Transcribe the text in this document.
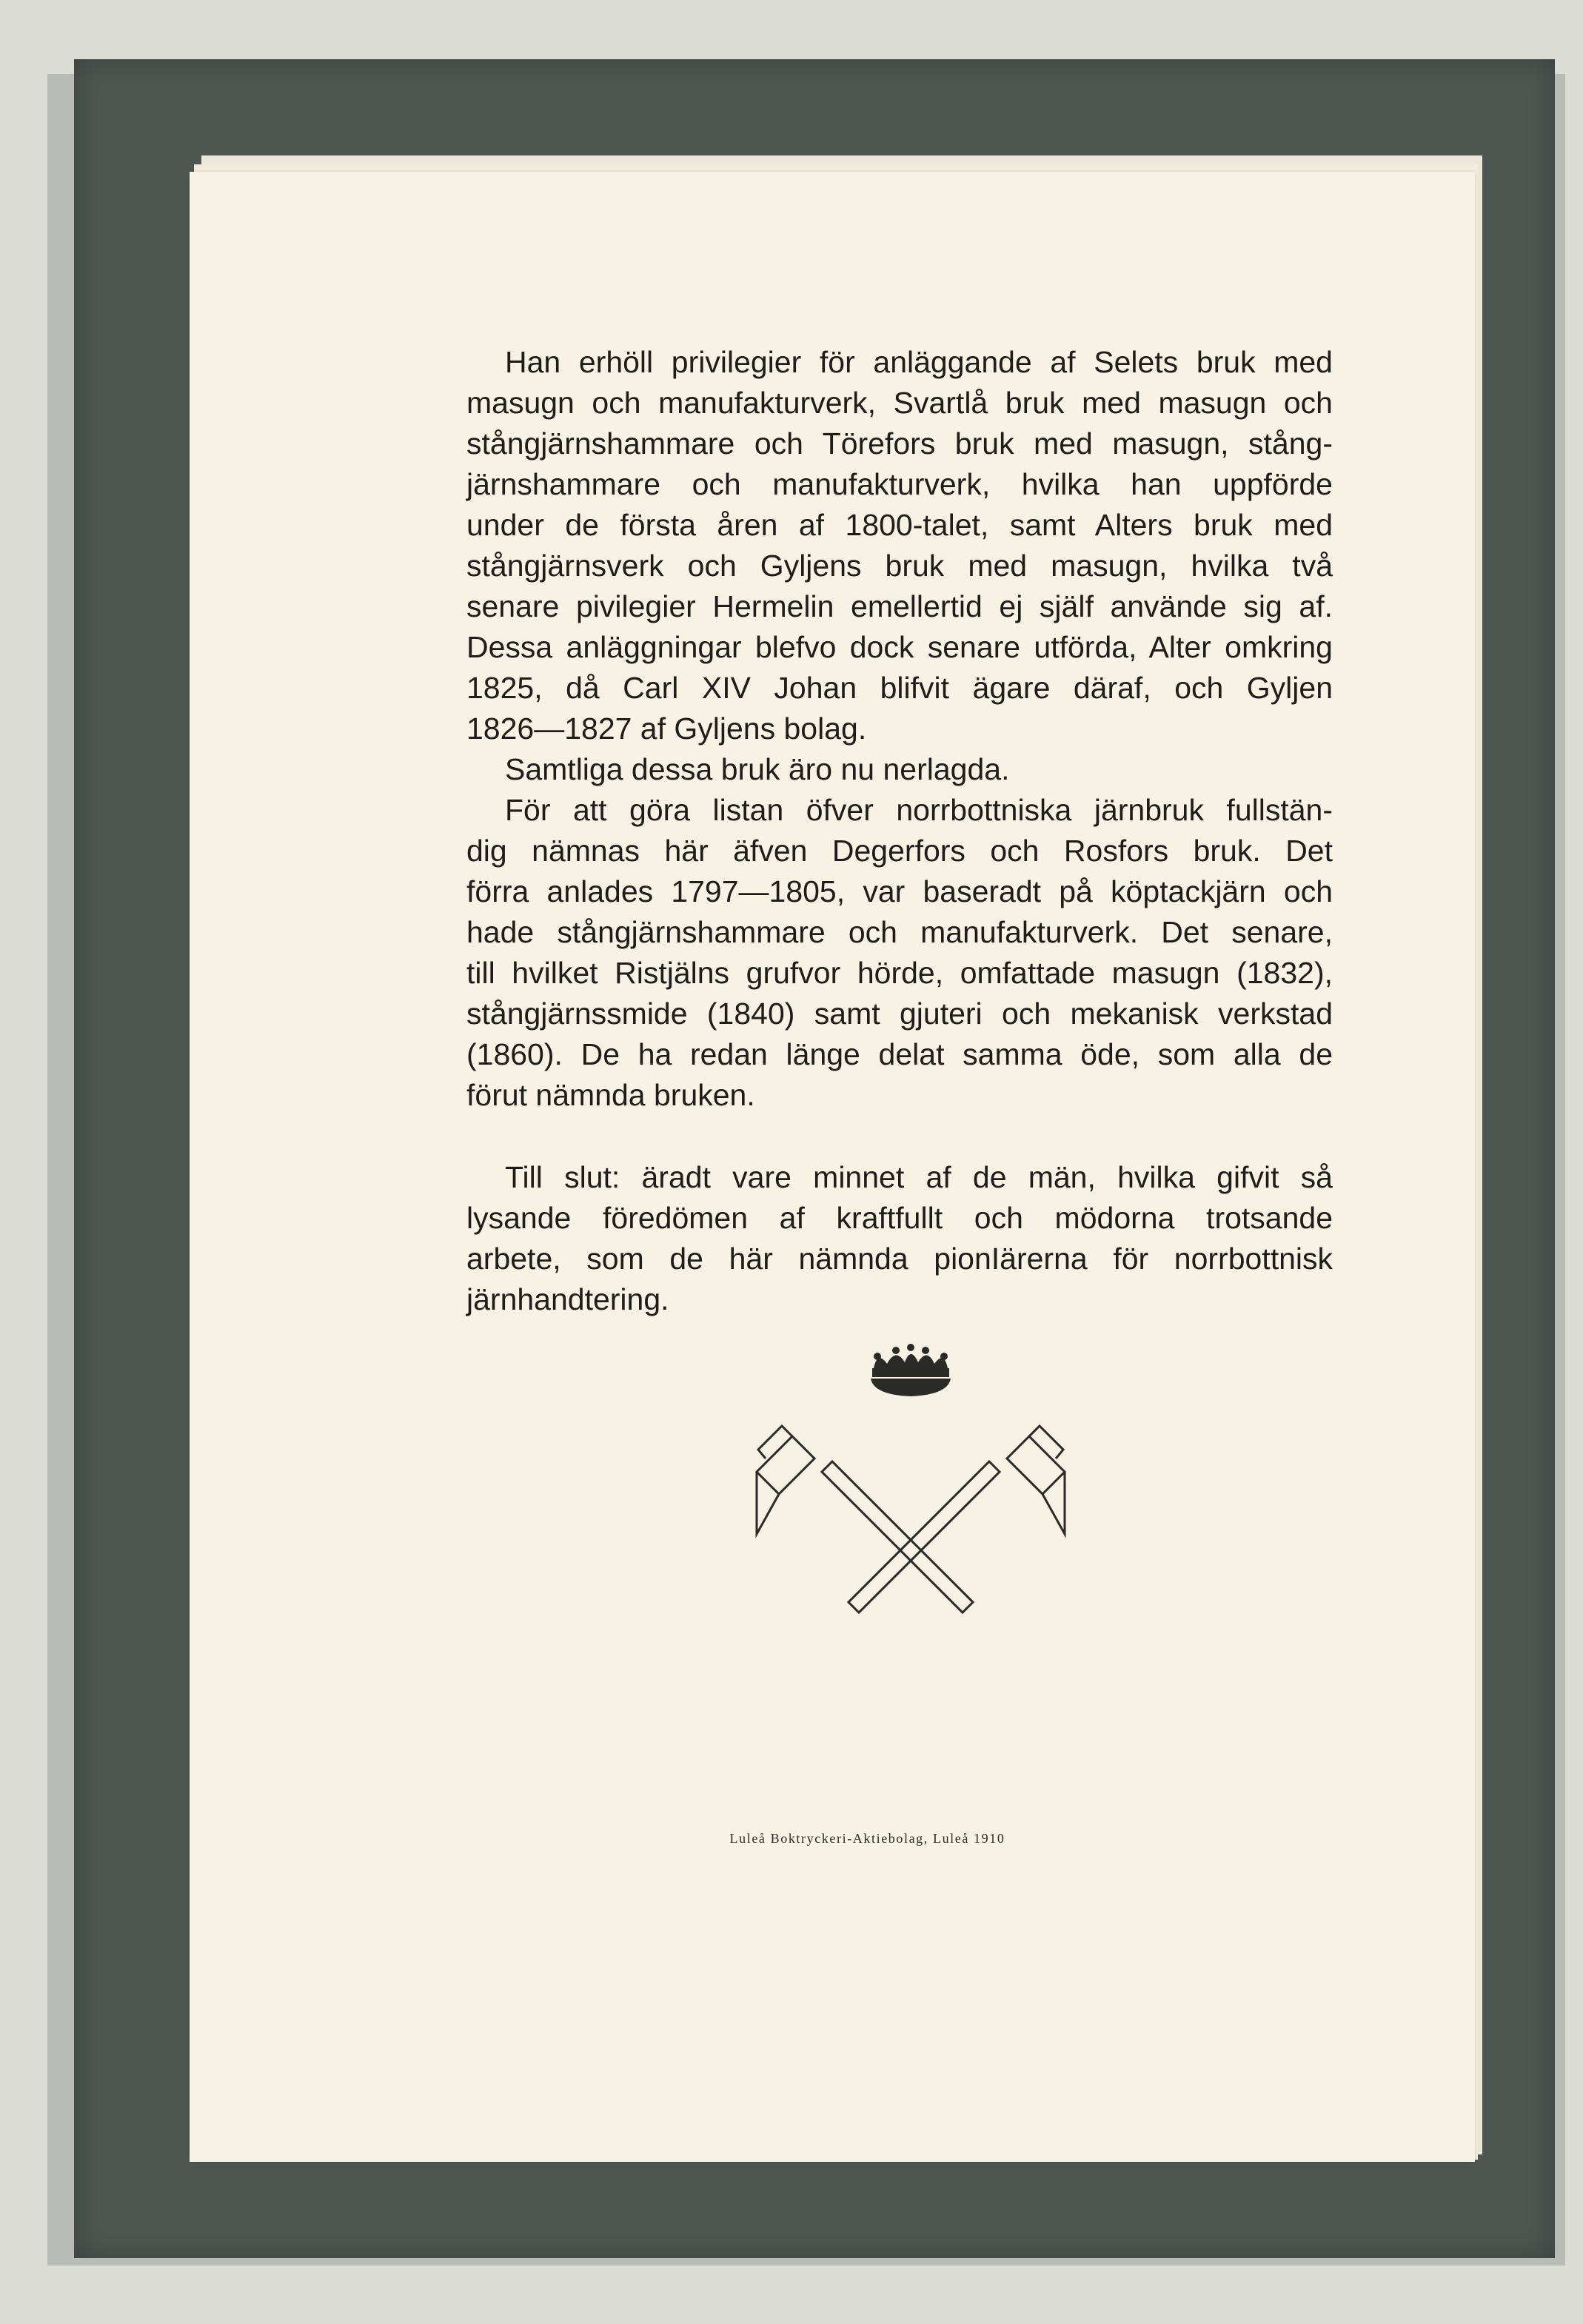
Han erhöll privilegier för anläggande af Selets bruk med
masugn och manufakturverk, Svartlå bruk med masugn och
stångjärnshammare och Törefors bruk med masugn, stång-
järnshammare och manufakturverk, hvilka han uppförde
under de första åren af 1800-talet, samt Alters bruk med
stångjärnsverk och Gyljens bruk med masugn, hvilka två
senare pivilegier Hermelin emellertid ej själf använde sig af.
Dessa anläggningar blefvo dock senare utförda, Alter omkring
1825, då Carl XIV Johan blifvit ägare däraf, och Gyljen
1826—1827 af Gyljens bolag.
Samtliga dessa bruk äro nu nerlagda.
För att göra listan öfver norrbottniska järnbruk fullstän-
dig nämnas här äfven Degerfors och Rosfors bruk. Det
förra anlades 1797—1805, var baseradt på köptackjärn och
hade stångjärnshammare och manufakturverk. Det senare,
till hvilket Ristjälns grufvor hörde, omfattade masugn (1832),
stångjärnssmide (1840) samt gjuteri och mekanisk verkstad
(1860). De ha redan länge delat samma öde, som alla de
förut nämnda bruken.
Till slut: äradt vare minnet af de män, hvilka gifvit så
lysande föredömen af kraftfullt och mödorna trotsande
arbete, som de här nämnda pionIärerna för norrbottnisk
järnhandtering.
Luleå Boktryckeri-Aktiebolag, Luleå 1910
